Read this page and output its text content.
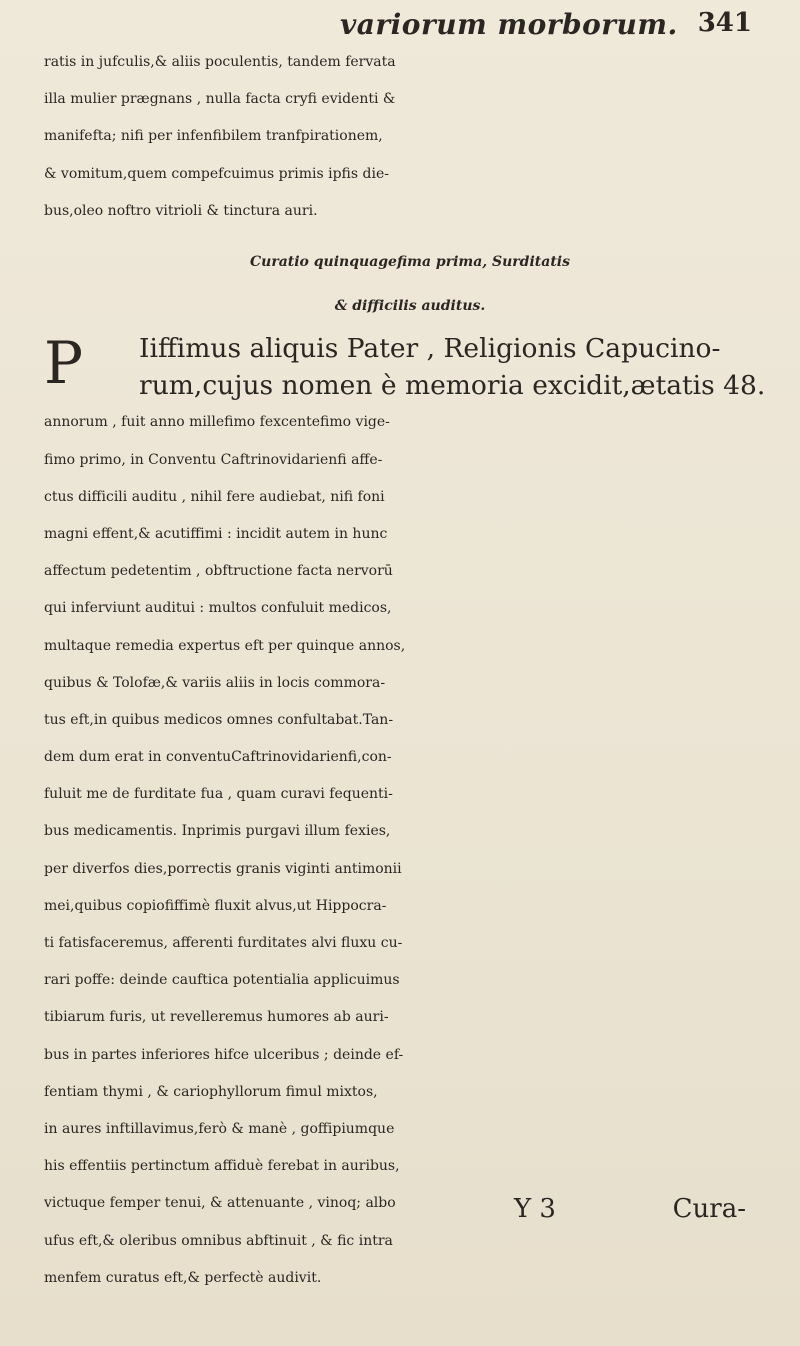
variorum morborum. 341
ratis in jufculis,& aliis poculentis, tandem fervata
illa mulier prægnans , nulla facta cryfi evidenti &
manifefta; nifi per infenfibilem tranfpirationem,
& vomitum,quem compefcuimus primis ipfis die-
bus,oleo noftro vitrioli & tinctura auri.
Curatio quinquagefima prima, Surditatis
& difficilis auditus.
P	Iiffimus aliquis Pater , Religionis Capucino-
rum,cujus nomen è memoria excidit,ætatis 48.
annorum , fuit anno millefimo fexcentefimo vige-
fimo primo, in Conventu Caftrinovidarienfi affe-
ctus difficili auditu , nihil fere audiebat, nifi foni
magni effent,& acutiffimi : incidit autem in hunc
affectum pedetentim , obftructione facta nervorū
qui inferviunt auditui : multos confuluit medicos,
multaque remedia expertus eft per quinque annos,
quibus & Tolofæ,& variis aliis in locis commora-
tus eft,in quibus medicos omnes confultabat.Tan-
dem dum erat in conventuCaftrinovidarienfi,con-
fuluit me de furditate fua , quam curavi fequenti-
bus medicamentis. Inprimis purgavi illum fexies,
per diverfos dies,porrectis granis viginti antimonii
mei,quibus copiofiffimè fluxit alvus,ut Hippocra-
ti fatisfaceremus, afferenti furditates alvi fluxu cu-
rari poffe: deinde cauftica potentialia applicuimus
tibiarum furis, ut revelleremus humores ab auri-
bus in partes inferiores hifce ulceribus ; deinde ef-
fentiam thymi , & cariophyllorum fimul mixtos,
in aures inftillavimus,ferò & manè , goffipiumque
his effentiis pertinctum affiduè ferebat in auribus,
victuque femper tenui, & attenuante , vinoq; albo
ufus eft,& oleribus omnibus abftinuit , & fic intra
menfem curatus eft,& perfectè audivit.
Y 3	Cura-
